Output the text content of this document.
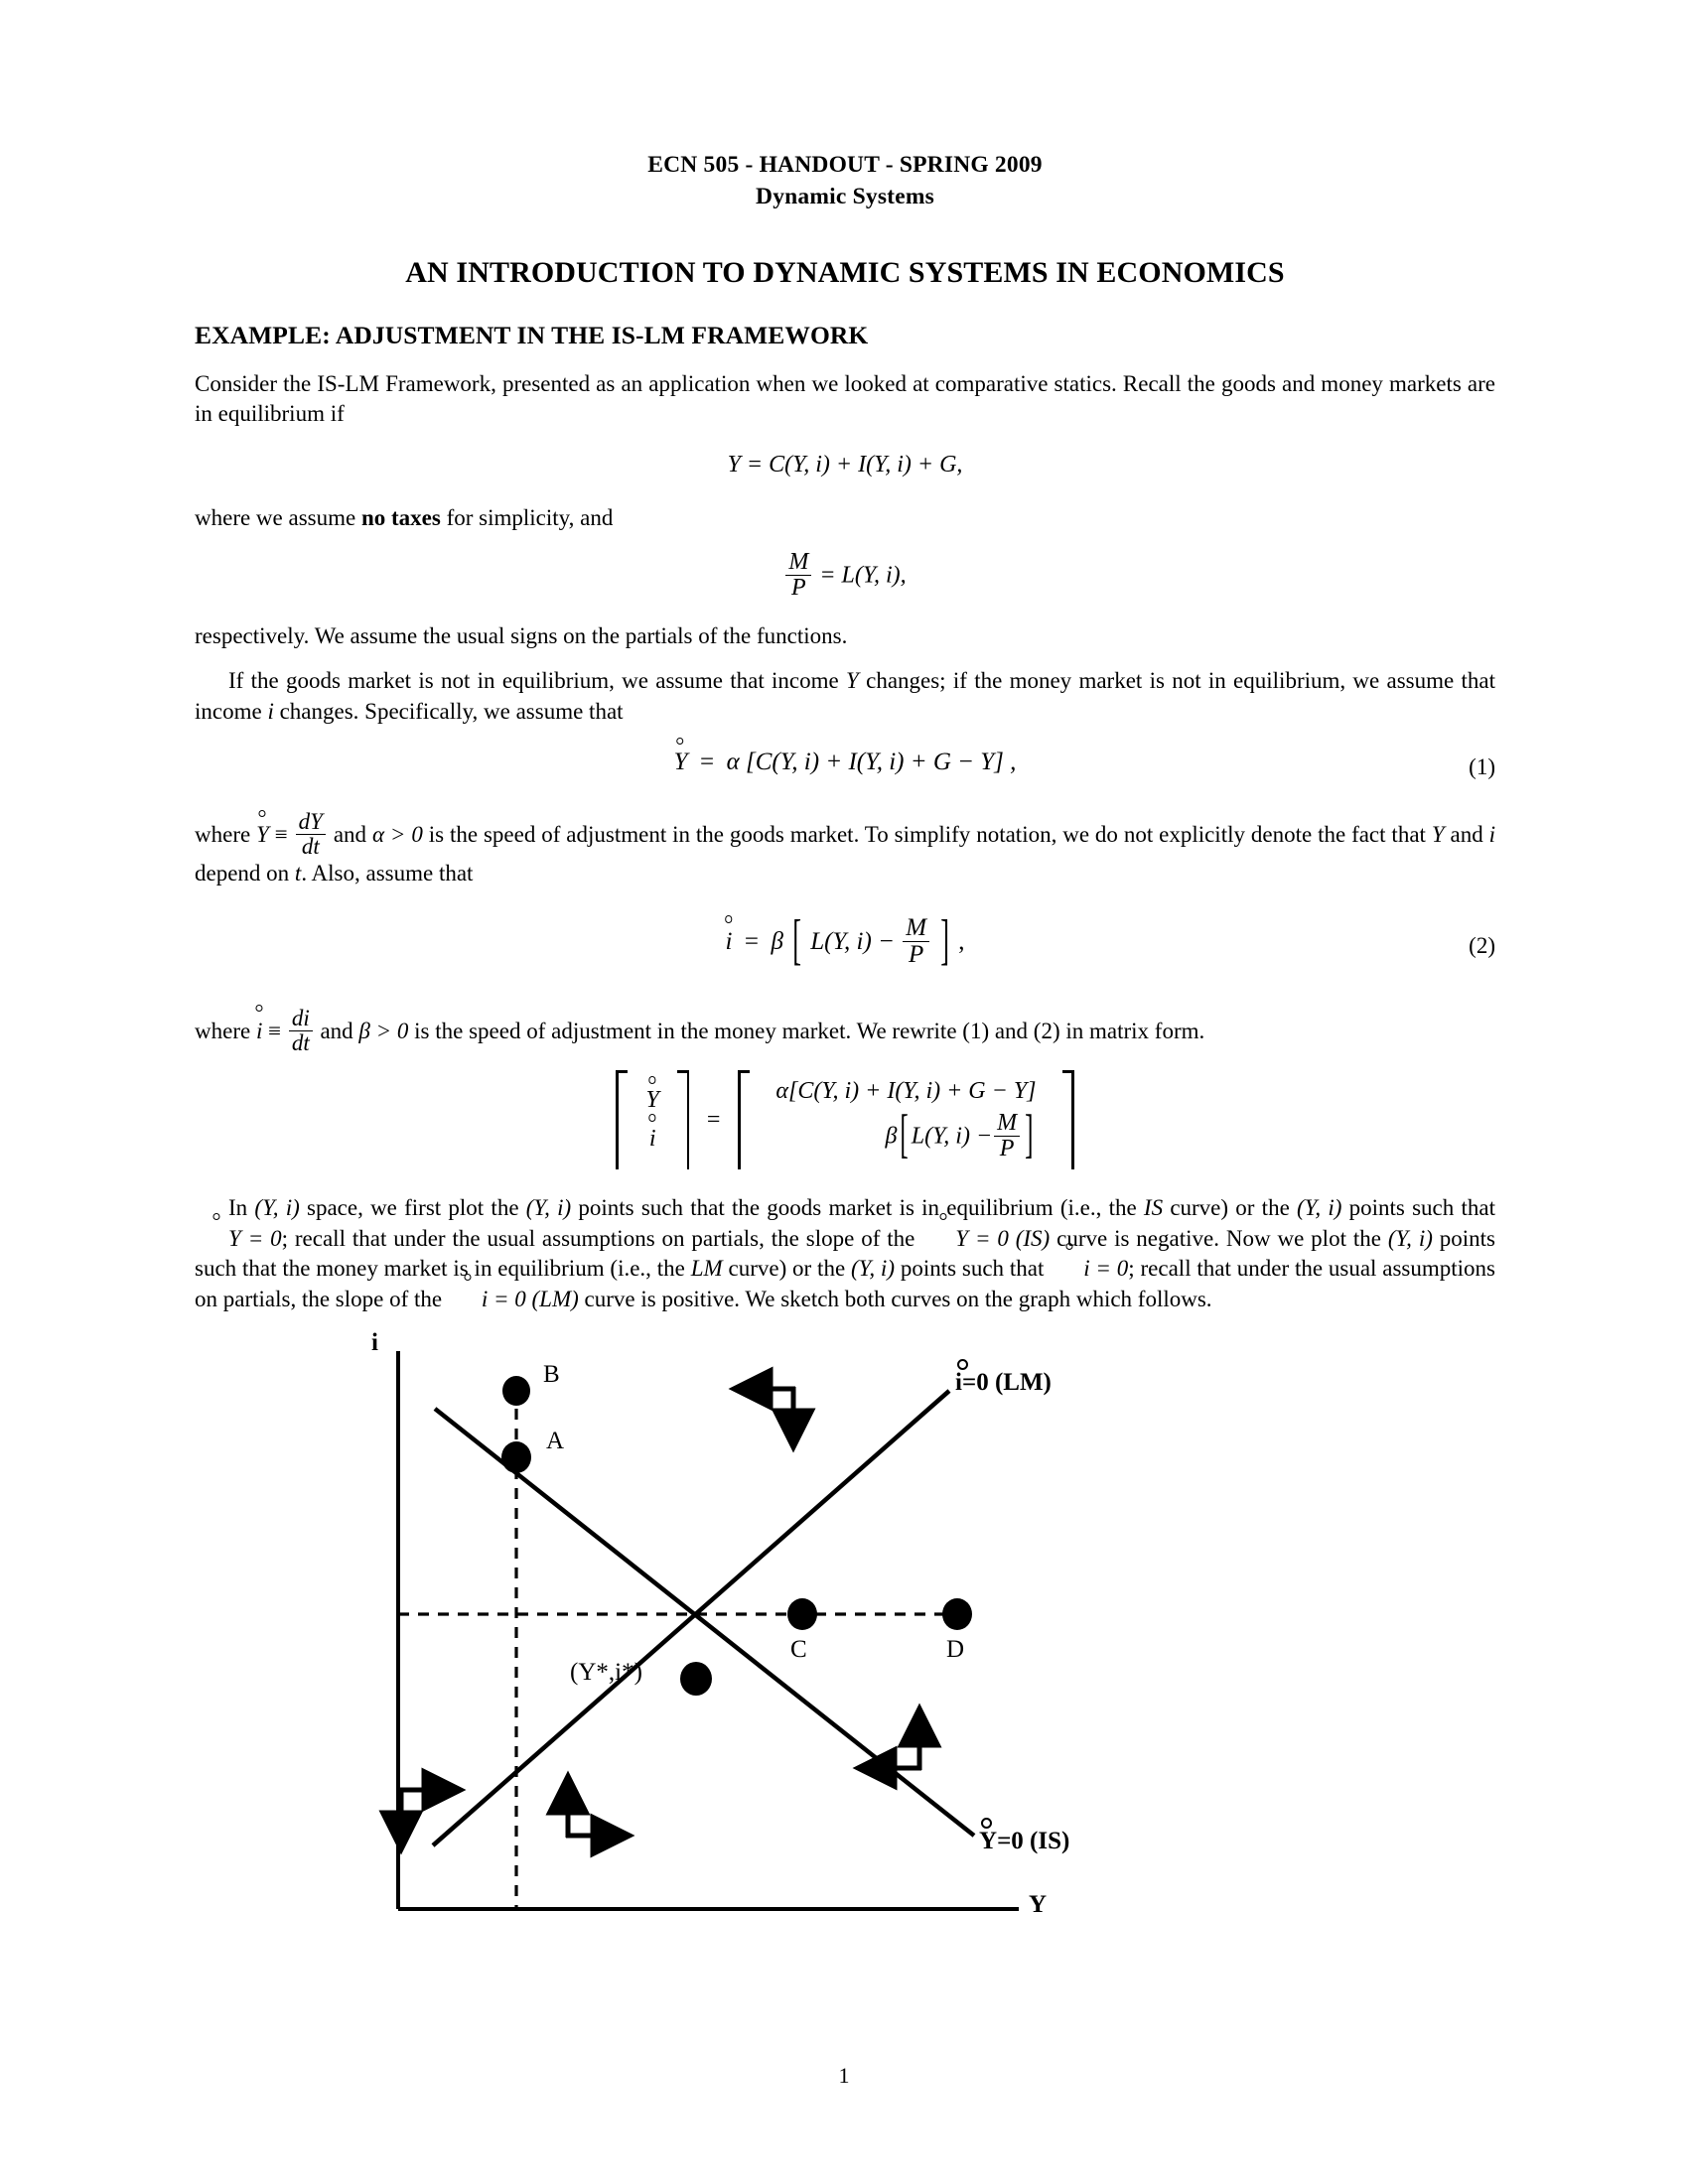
ECN 505 - HANDOUT - SPRING 2009
Dynamic Systems
AN INTRODUCTION TO DYNAMIC SYSTEMS IN ECONOMICS
EXAMPLE: ADJUSTMENT IN THE IS-LM FRAMEWORK

Consider the IS-LM Framework, presented as an application when we looked at comparative statics. Recall the goods and money markets are in equilibrium if

Y = C(Y, i) + I(Y, i) + G,

where we assume no taxes for simplicity, and

$\frac{M}{P} = L(Y$, i),

respectively. We assume the usual signs on the partials of the functions.

If the goods market is not in equilibrium, we assume that income Y changes; if the money market is not in equilibrium, we assume that income i changes. Specifically, we assume that

Y  =  α [C(Y, i) + I(Y, i) + G − Y] ,	(1)

where $Y \equiv \frac{dY}{dt}$ and α > 0 is the speed of adjustment in the goods market. To simplify notation, we do not explicitly denote the fact that Y and i depend on t. Also, assume that

i  =  β [ L(Y, $i) - \frac{M}{P}$ ] ,	(2)

where $i \equiv \frac{di}{dt}$ and β > 0 is the speed of adjustment in the money market. We rewrite (1) and (2) in matrix form.

Y
i
=
α[C(Y, i) + I(Y, i) + G − Y]
β [ L(Y, $i) - \frac{M}{P}$ ]

In (Y, i) space, we first plot the (Y, i) points such that the goods market is in equilibrium (i.e., the IS curve) or the (Y, i) points such that Y = 0; recall that under the usual assumptions on partials, the slope of the Y = 0 (IS) curve is negative. Now we plot the (Y, i) points such that the money market is in equilibrium (i.e., the LM curve) or the (Y, i) points such that i = 0; recall that under the usual assumptions on partials, the slope of the i = 0 (LM) curve is positive. We sketch both curves on the graph which follows.

i
Y
B
A
C	D
(Y*,i*)
i=0 (LM)
Y=0 (IS)
1
